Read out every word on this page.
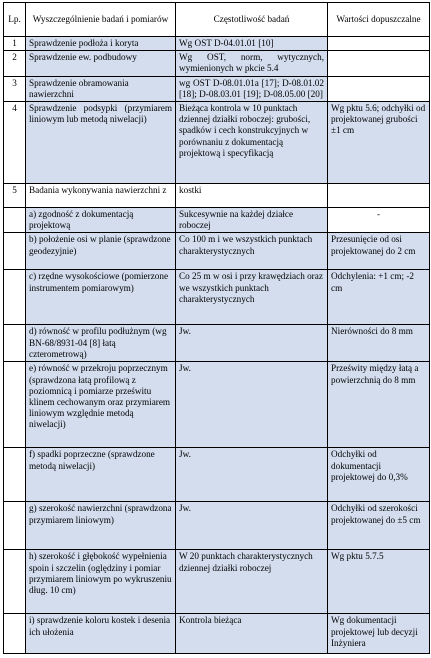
Lp.	Wyszczególnienie badań i pomiarów	Częstotliwość badań	Wartości dopuszczalne
1	Sprawdzenie podłoża i koryta	Wg OST D-04.01.01 [10]	
2	Sprawdzenie ew. podbudowy	Wg OST, norm, wytycznych, wymienionych w pkcie 5.4	
3	Sprawdzenie obramowania nawierzchni	wg OST D-08.01.01a [17]; D-08.01.02 [18]; D-08.03.01 [19]; D-08.05.00 [20]	
4	Sprawdzenie podsypki (przymiarem liniowym lub metodą niwelacji)	Bieżąca kontrola w 10 punktach dziennej działki roboczej: grubości, spadków i cech konstrukcyjnych w porównaniu z dokumentacją projektową i specyfikacją	Wg pktu 5.6; odchyłki od projektowanej grubości ±1 cm
5	Badania wykonywania nawierzchni z	kostki	
	a) zgodność z dokumentacją projektową	Sukcesywnie na każdej działce roboczej	-
	b) położenie osi w planie (sprawdzone geodezyjnie)	Co 100 m i we wszystkich punktach charakterystycznych	Przesunięcie od osi projektowanej do 2 cm
	c) rzędne wysokościowe (pomierzone instrumentem pomiarowym)	Co 25 m w osi i przy krawędziach oraz we wszystkich punktach charakterystycznych	Odchylenia: +1 cm; -2 cm
	d) równość w profilu podłużnym (wg BN-68/8931-04 [8] łatą czterometrową)	Jw.	Nierówności do 8 mm
	e) równość w przekroju poprzecznym (sprawdzona łatą profilową z poziomnicą i pomiarze prześwitu klinem cechowanym oraz przymiarem liniowym względnie metodą niwelacji)	Jw.	Prześwity między łatą a powierzchnią do 8 mm
	f) spadki poprzeczne (sprawdzone metodą niwelacji)	Jw.	Odchyłki od dokumentacji projektowej do 0,3%
	g) szerokość nawierzchni (sprawdzona przymiarem liniowym)	Jw.	Odchyłki od szerokości projektowanej do ±5 cm
	h) szerokość i głębokość wypełnienia spoin i szczelin (oględziny i pomiar przymiarem liniowym po wykruszeniu dług. 10 cm)	W 20 punktach charakterystycznych dziennej działki roboczej	Wg pktu 5.7.5
	i) sprawdzenie koloru kostek i desenia ich ułożenia	Kontrola bieżąca	Wg dokumentacji projektowej lub decyzji Inżyniera
